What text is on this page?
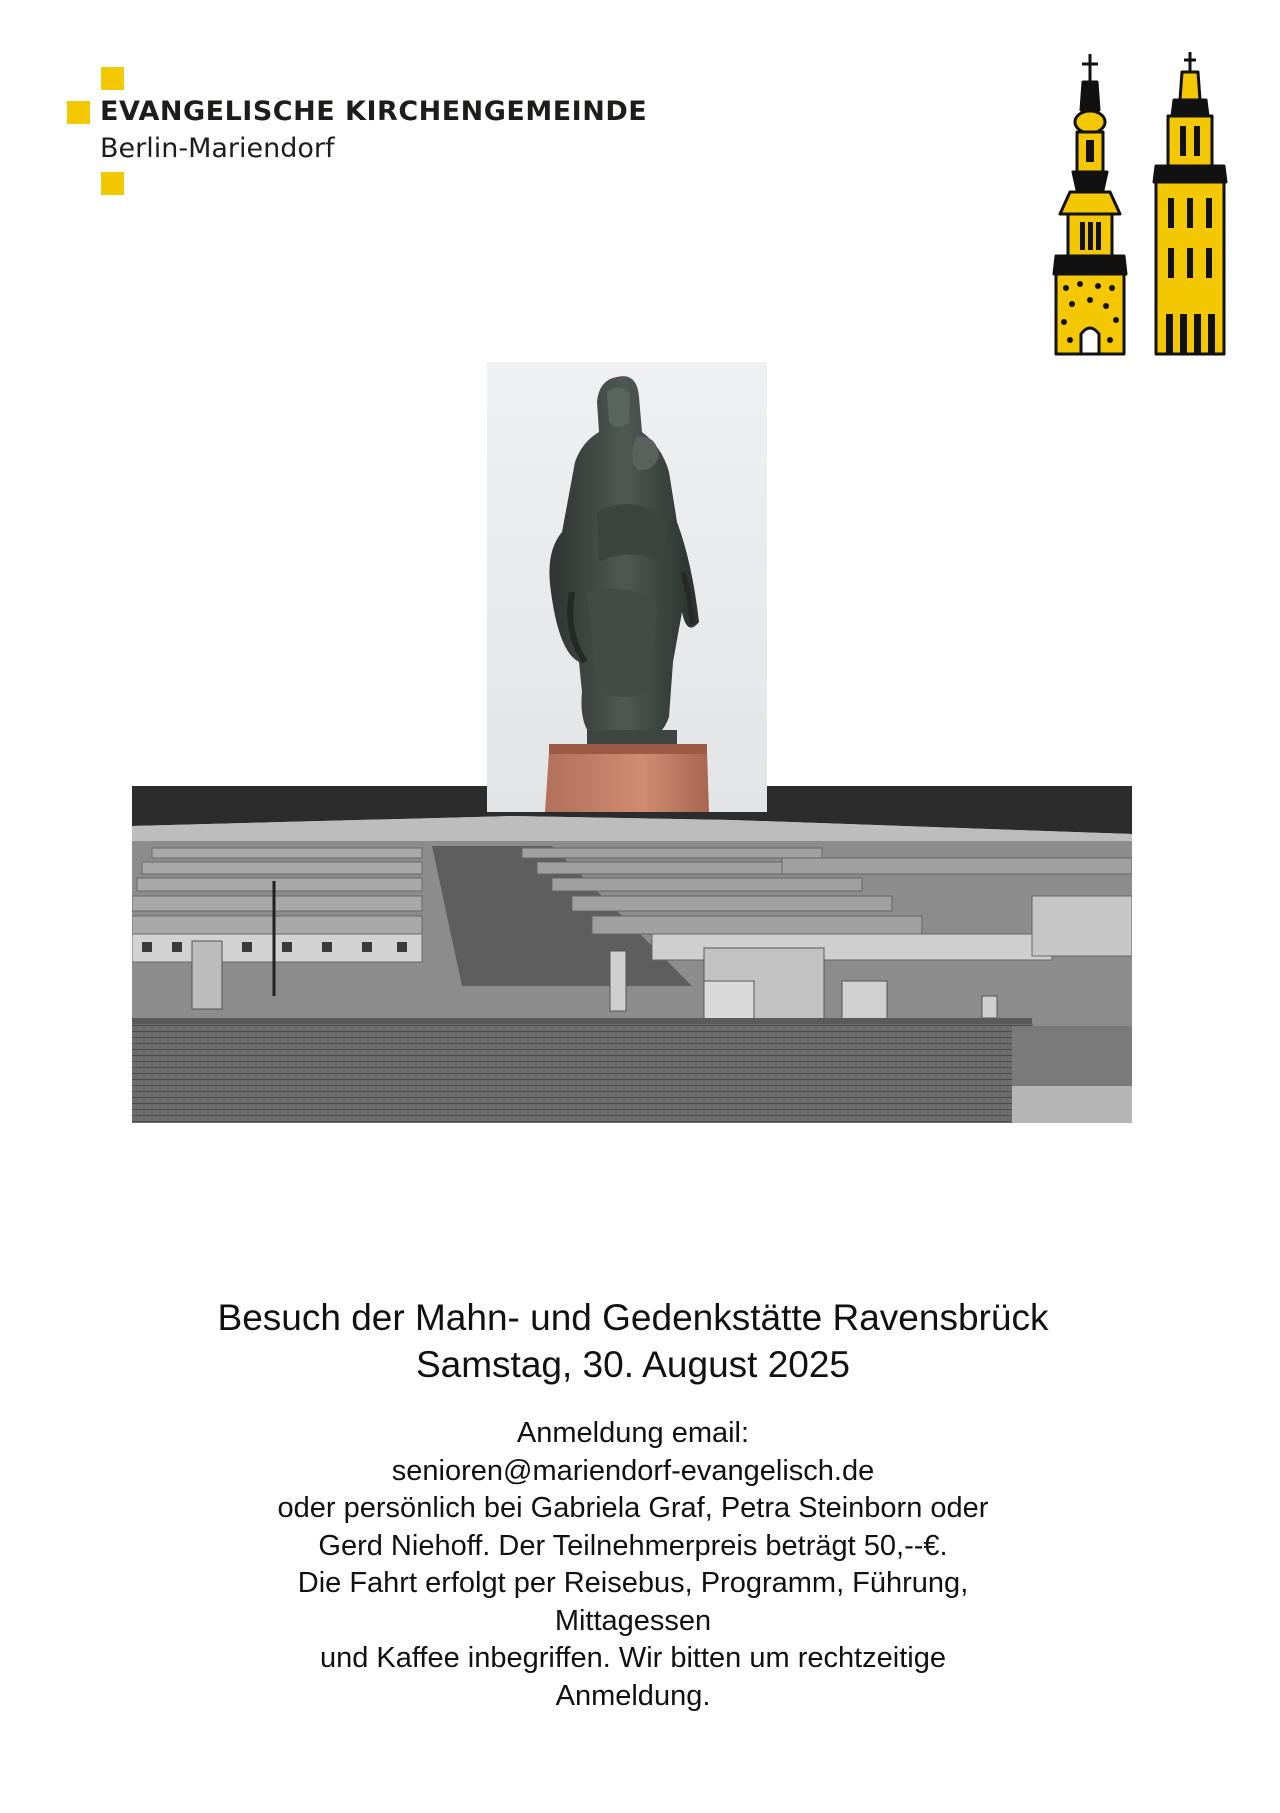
EVANGELISCHE KIRCHENGEMEINDE

Berlin-Mariendorf

Besuch der Mahn- und Gedenkstätte Ravensbrück

Samstag, 30. August 2025

Anmeldung email:
senioren@mariendorf-evangelisch.de
oder persönlich bei Gabriela Graf, Petra Steinborn oder
Gerd Niehoff. Der Teilnehmerpreis beträgt 50,--€.
Die Fahrt erfolgt per Reisebus, Programm, Führung,
Mittagessen
und Kaffee inbegriffen. Wir bitten um rechtzeitige
Anmeldung.
